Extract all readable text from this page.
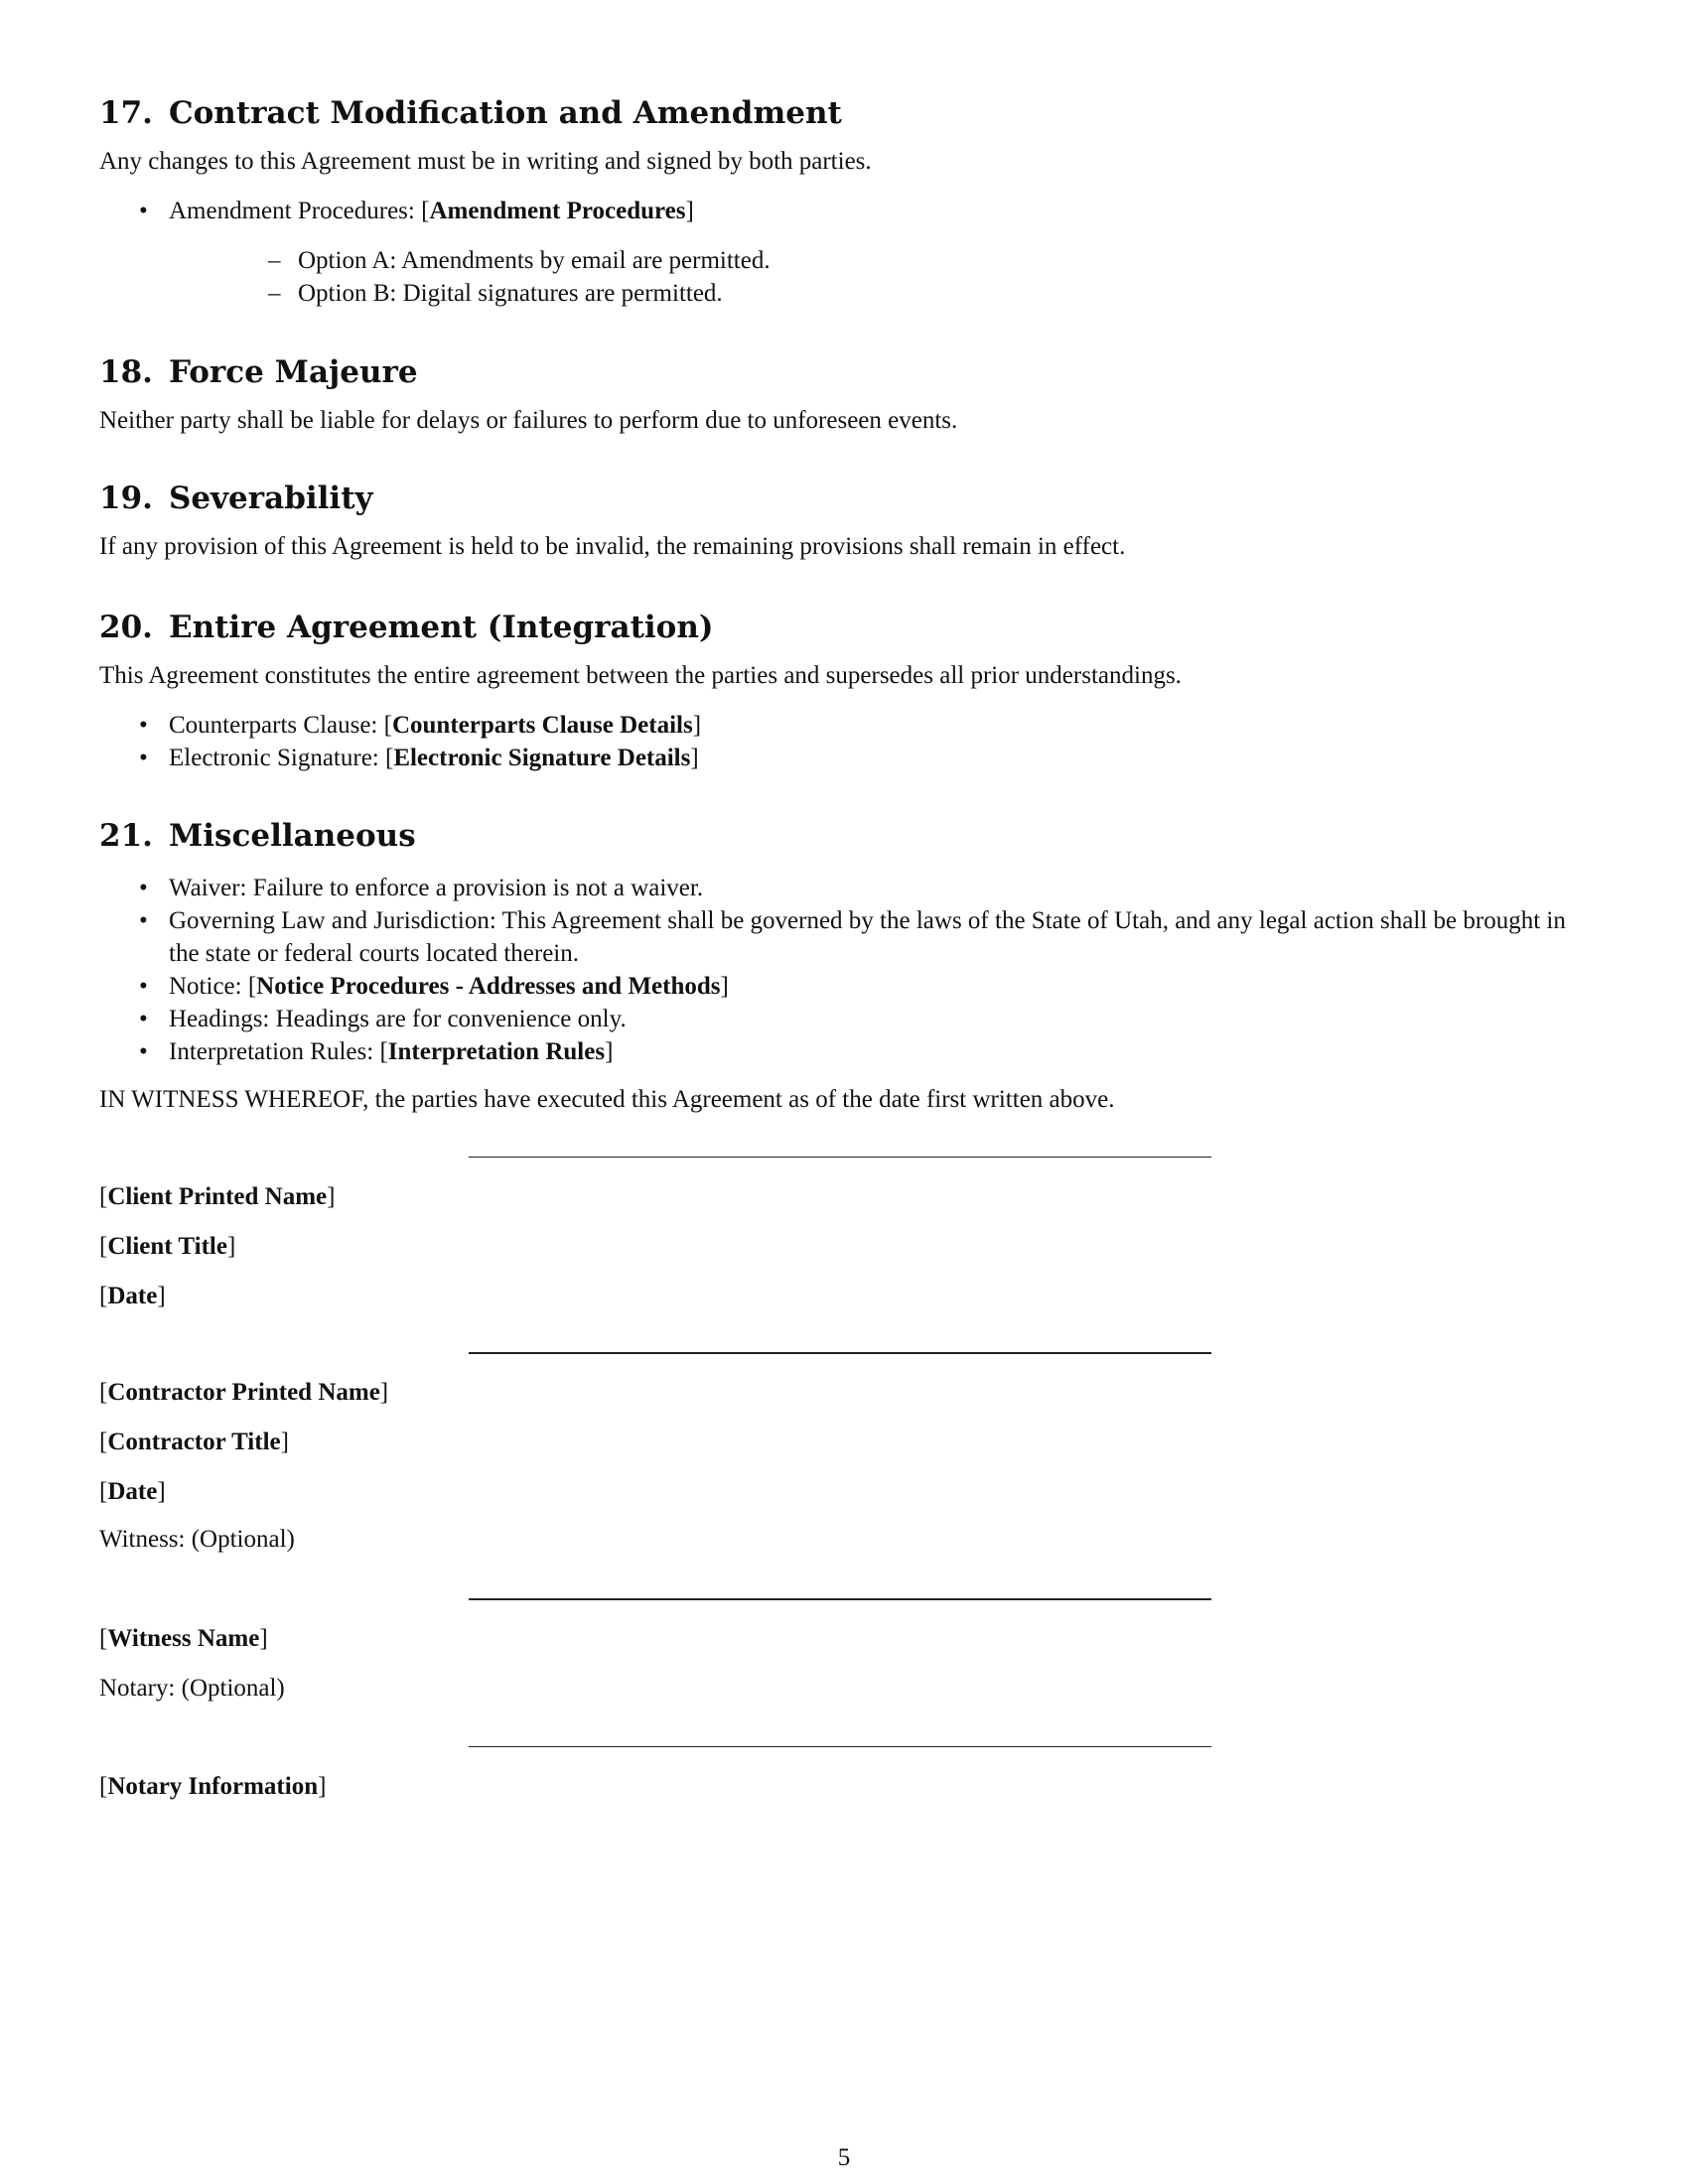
17. Contract Modification and Amendment

Any changes to this Agreement must be in writing and signed by both parties.

• Amendment Procedures: [Amendment Procedures]
– Option A: Amendments by email are permitted.
– Option B: Digital signatures are permitted.
18. Force Majeure

Neither party shall be liable for delays or failures to perform due to unforeseen events.

19. Severability

If any provision of this Agreement is held to be invalid, the remaining provisions shall remain in effect.

20. Entire Agreement (Integration)

This Agreement constitutes the entire agreement between the parties and supersedes all prior understandings.

• Counterparts Clause: [Counterparts Clause Details]
• Electronic Signature: [Electronic Signature Details]
21. Miscellaneous
• Waiver: Failure to enforce a provision is not a waiver.
• Governing Law and Jurisdiction: This Agreement shall be governed by the laws of the State of Utah, and any legal action shall be brought in the state or federal courts located therein.
• Notice: [Notice Procedures - Addresses and Methods]
• Headings: Headings are for convenience only.
• Interpretation Rules: [Interpretation Rules]

IN WITNESS WHEREOF, the parties have executed this Agreement as of the date first written above.

[Client Printed Name]
[Client Title]
[Date]
[Contractor Printed Name]
[Contractor Title]
[Date]
Witness: (Optional)
[Witness Name]
Notary: (Optional)
[Notary Information]
5
